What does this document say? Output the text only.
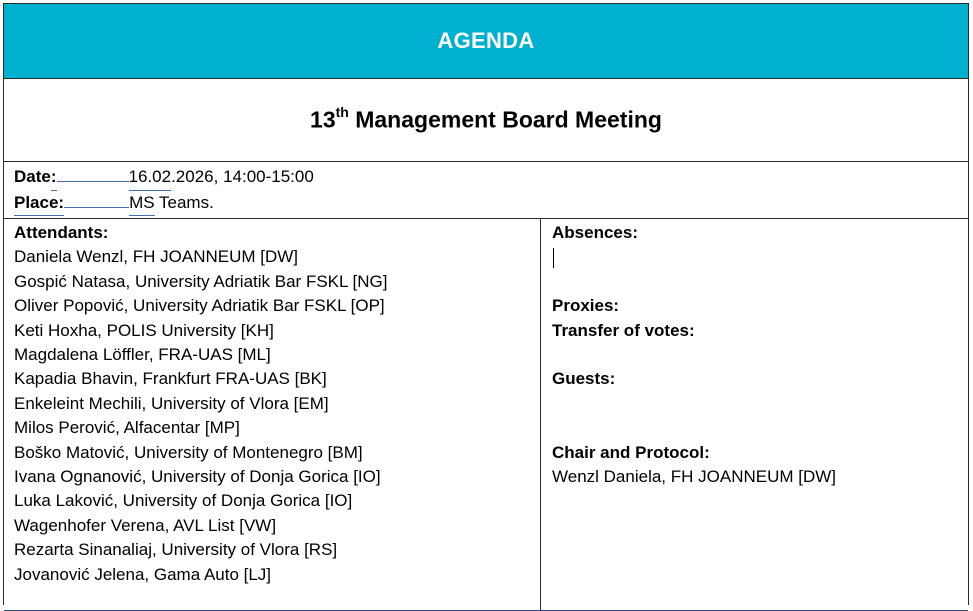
AGENDA
13th Management Board Meeting
Date:	16.02.2026, 14:00-15:00
Place:	MS Teams.
Attendants:
Daniela Wenzl, FH JOANNEUM [DW]
Gospić Natasa, University Adriatik Bar FSKL [NG]
Oliver Popović, University Adriatik Bar FSKL [OP]
Keti Hoxha, POLIS University [KH]
Magdalena Löffler, FRA-UAS [ML]
Kapadia Bhavin, Frankfurt FRA-UAS [BK]
Enkeleint Mechili, University of Vlora [EM]
Milos Perović, Alfacentar [MP]
Boško Matović, University of Montenegro [BM]
Ivana Ognanović, University of Donja Gorica [IO]
Luka Laković, University of Donja Gorica [IO]
Wagenhofer Verena, AVL List [VW]
Rezarta Sinanaliaj, University of Vlora [RS]
Jovanović Jelena, Gama Auto [LJ]
Absences:
Proxies:
Transfer of votes:
Guests:
Chair and Protocol:
Wenzl Daniela, FH JOANNEUM [DW]
